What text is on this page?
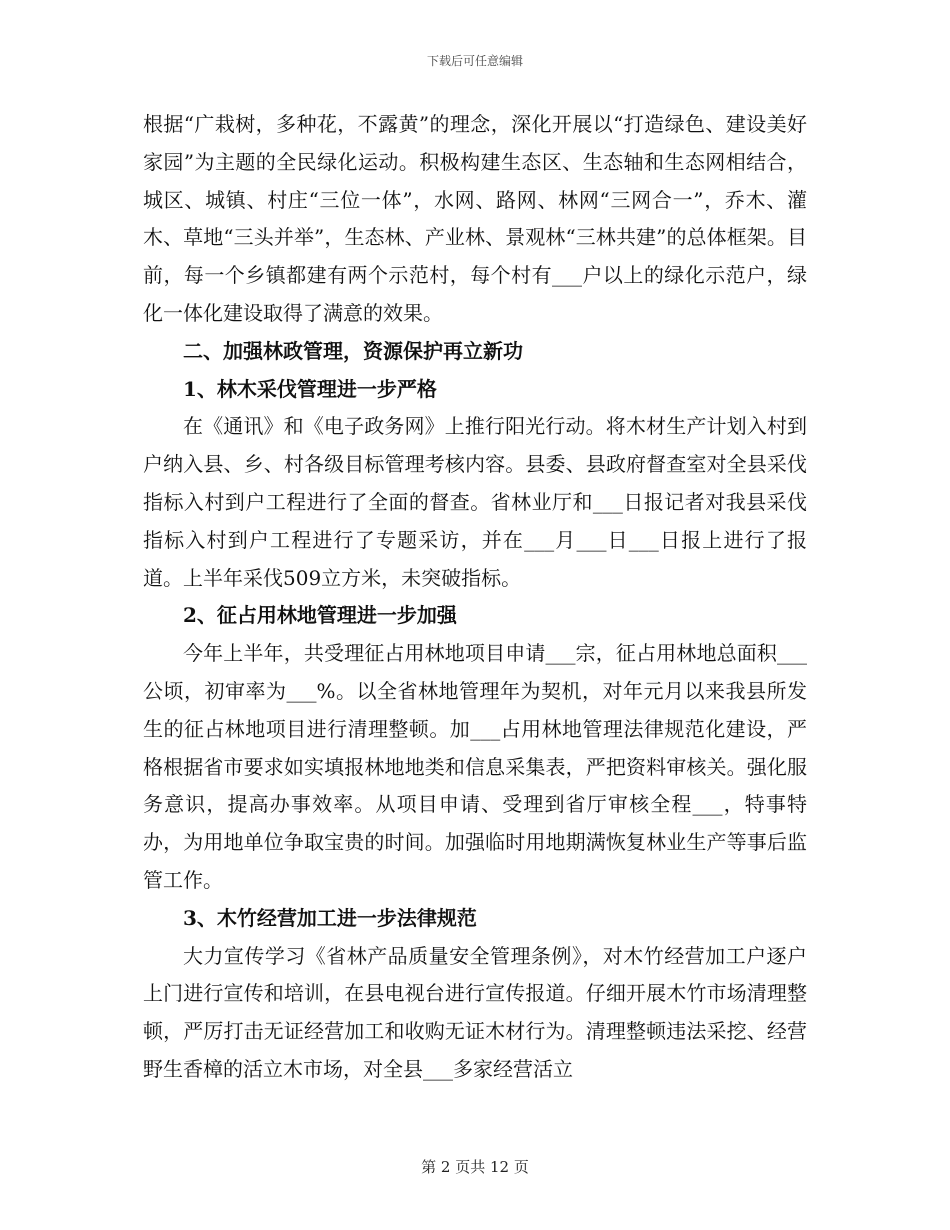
下载后可任意编辑

根据“广栽树，多种花，不露黄”的理念，深化开展以“打造绿色、建设美好家园”为主题的全民绿化运动。积极构建生态区、生态轴和生态网相结合，城区、城镇、村庄“三位一体”，水网、路网、林网“三网合一”，乔木、灌木、草地“三头并举”，生态林、产业林、景观林“三林共建”的总体框架。目前，每一个乡镇都建有两个示范村，每个村有___户以上的绿化示范户，绿化一体化建设取得了满意的效果。

二、加强林政管理，资源保护再立新功
1、林木采伐管理进一步严格

在《通讯》和《电子政务网》上推行阳光行动。将木材生产计划入村到户纳入县、乡、村各级目标管理考核内容。县委、县政府督查室对全县采伐指标入村到户工程进行了全面的督查。省林业厅和___日报记者对我县采伐指标入村到户工程进行了专题采访，并在___月___日___日报上进行了报道。上半年采伐509立方米，未突破指标。

2、征占用林地管理进一步加强

今年上半年，共受理征占用林地项目申请___宗，征占用林地总面积___公顷，初审率为___%。以全省林地管理年为契机，对年元月以来我县所发生的征占林地项目进行清理整顿。加___占用林地管理法律规范化建设，严格根据省市要求如实填报林地地类和信息采集表，严把资料审核关。强化服务意识，提高办事效率。从项目申请、受理到省厅审核全程___，特事特办，为用地单位争取宝贵的时间。加强临时用地期满恢复林业生产等事后监管工作。

3、木竹经营加工进一步法律规范

大力宣传学习《省林产品质量安全管理条例》，对木竹经营加工户逐户上门进行宣传和培训，在县电视台进行宣传报道。仔细开展木竹市场清理整顿，严厉打击无证经营加工和收购无证木材行为。清理整顿违法采挖、经营野生香樟的活立木市场，对全县___多家经营活立

第 2 页共 12 页
